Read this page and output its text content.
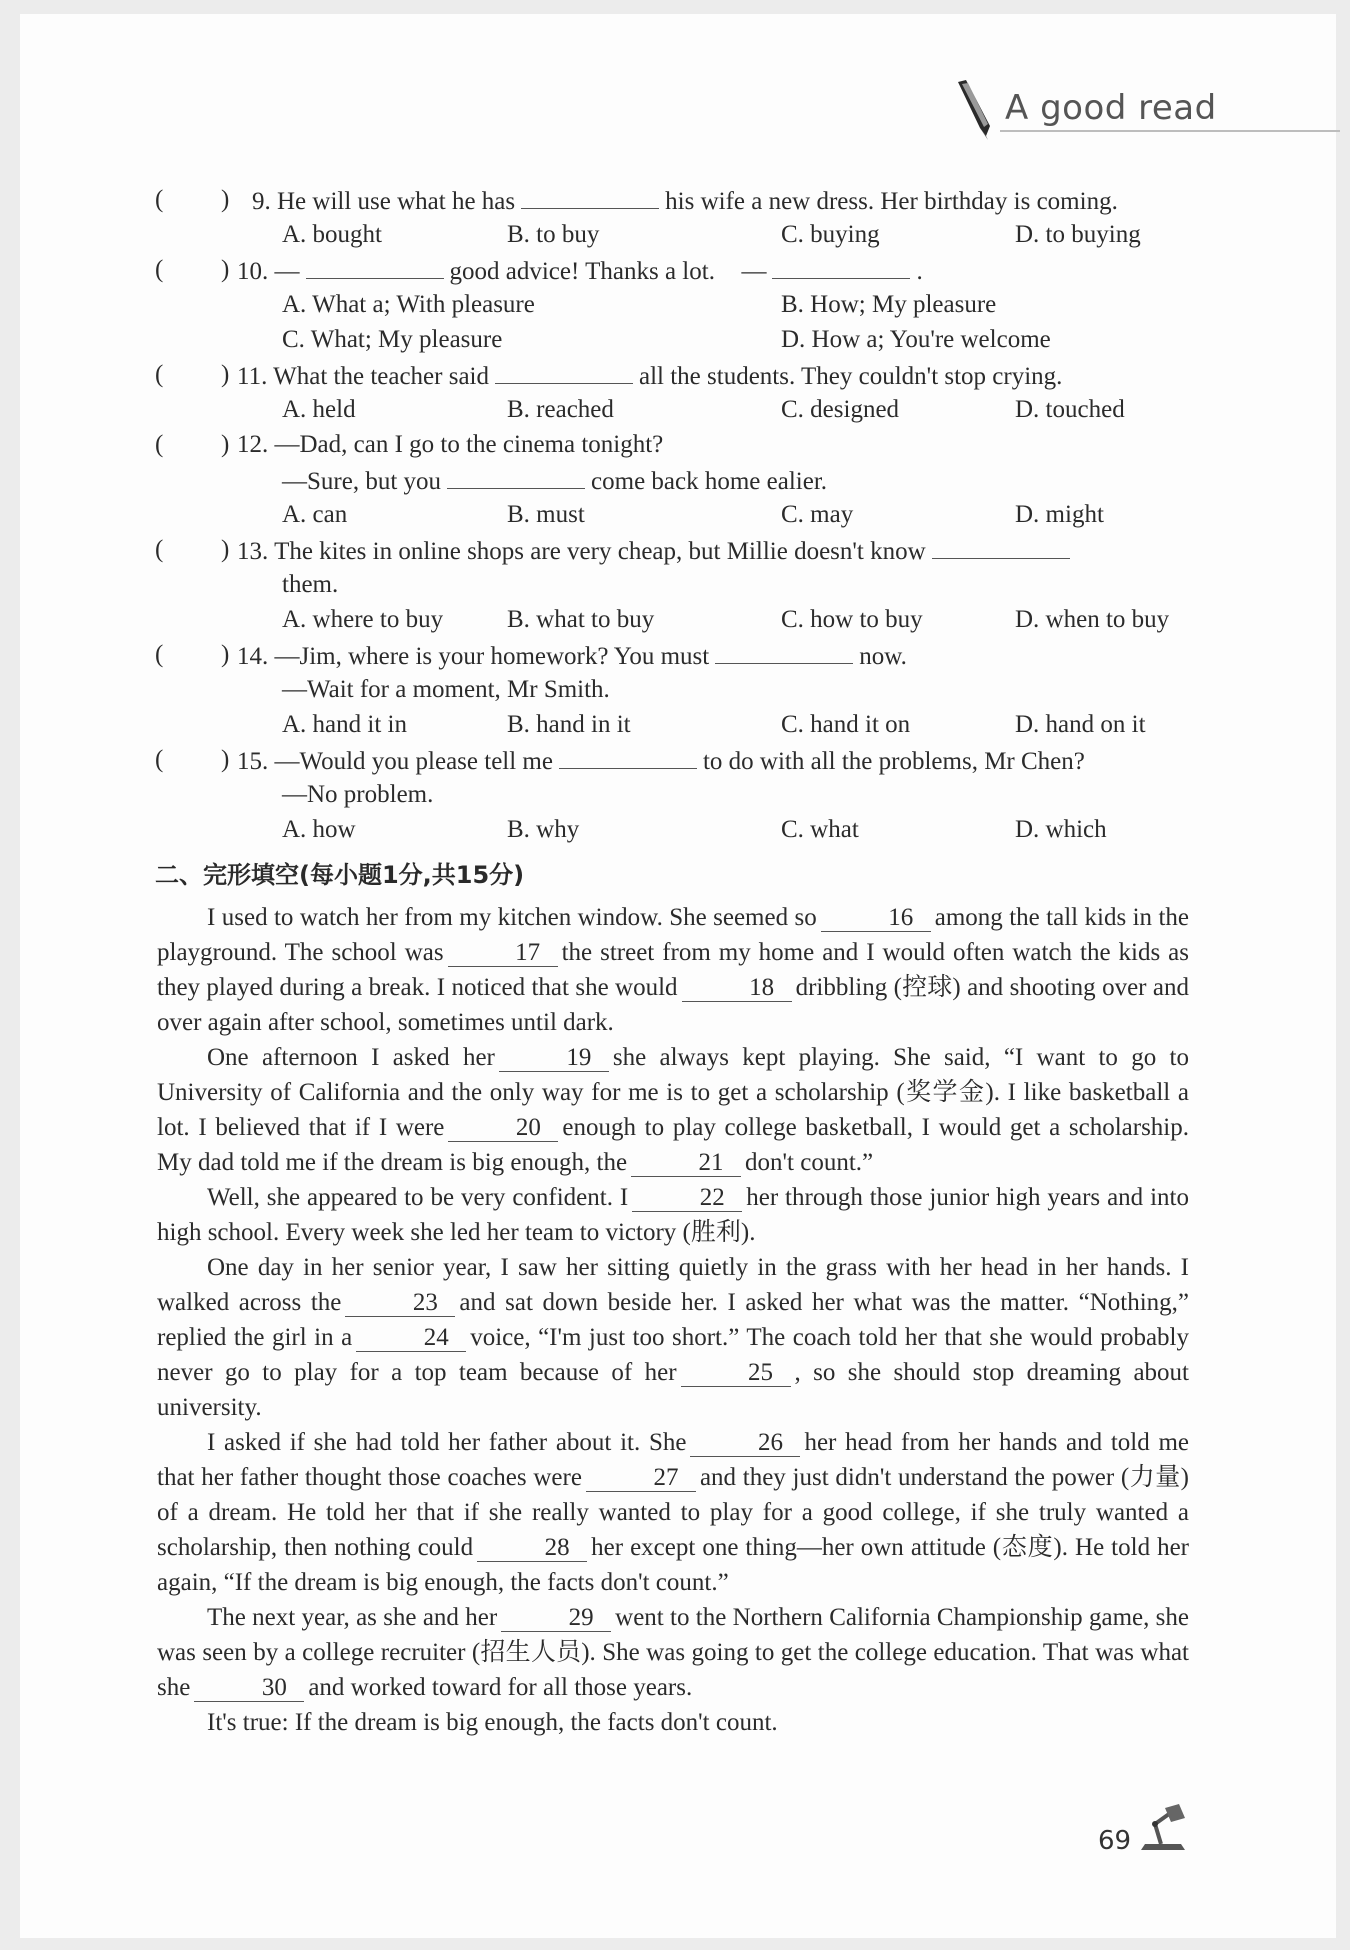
A good read
( ) 9. He will use what he has	his wife a new dress. Her birthday is coming.
A. bought	B. to buy	C. buying	D. to buying
( ) 10. —	good advice! Thanks a lot. —	.
A. What a; With pleasure	B. How; My pleasure
C. What; My pleasure	D. How a; You're welcome
( ) 11. What the teacher said	all the students. They couldn't stop crying.
A. held	B. reached	C. designed	D. touched
( ) 12. —Dad, can I go to the cinema tonight?
—Sure, but you	come back home ealier.
A. can	B. must	C. may	D. might
( ) 13. The kites in online shops are very cheap, but Millie doesn't know
them.
A. where to buy	B. what to buy	C. how to buy	D. when to buy
( ) 14. —Jim, where is your homework? You must	now.
—Wait for a moment, Mr Smith.
A. hand it in	B. hand in it	C. hand it on	D. hand on it
( ) 15. —Would you please tell me	to do with all the problems, Mr Chen?
—No problem.
A. how	B. why	C. what	D. which
二、完形填空(每小题1分,共15分)

I used to watch her from my kitchen window. She seemed so	16 among the tall kids in the playground. The school was	17 the street from my home and I would often watch the kids as they played during a break. I noticed that she would	18 dribbling (控球) and shooting over and over again after school, sometimes until dark.

One afternoon I asked her	19 she always kept playing. She said, “I want to go to University of California and the only way for me is to get a scholarship (奖学金). I like basketball a lot. I believed that if I were	20 enough to play college basketball, I would get a scholarship. My dad told me if the dream is big enough, the	21 don't count.”

Well, she appeared to be very confident. I	22 her through those junior high years and into high school. Every week she led her team to victory (胜利).

One day in her senior year, I saw her sitting quietly in the grass with her head in her hands. I walked across the	23 and sat down beside her. I asked her what was the matter. “Nothing,” replied the girl in a	24 voice, “I'm just too short.” The coach told her that she would probably never go to play for a top team because of her	25 , so she should stop dreaming about university.

I asked if she had told her father about it. She	26 her head from her hands and told me that her father thought those coaches were	27 and they just didn't understand the power (力量) of a dream. He told her that if she really wanted to play for a good college, if she truly wanted a scholarship, then nothing could	28 her except one thing—her own attitude (态度). He told her again, “If the dream is big enough, the facts don't count.”

The next year, as she and her	29 went to the Northern California Championship game, she was seen by a college recruiter (招生人员). She was going to get the college education. That was what she	30 and worked toward for all those years.

It's true: If the dream is big enough, the facts don't count.

69
